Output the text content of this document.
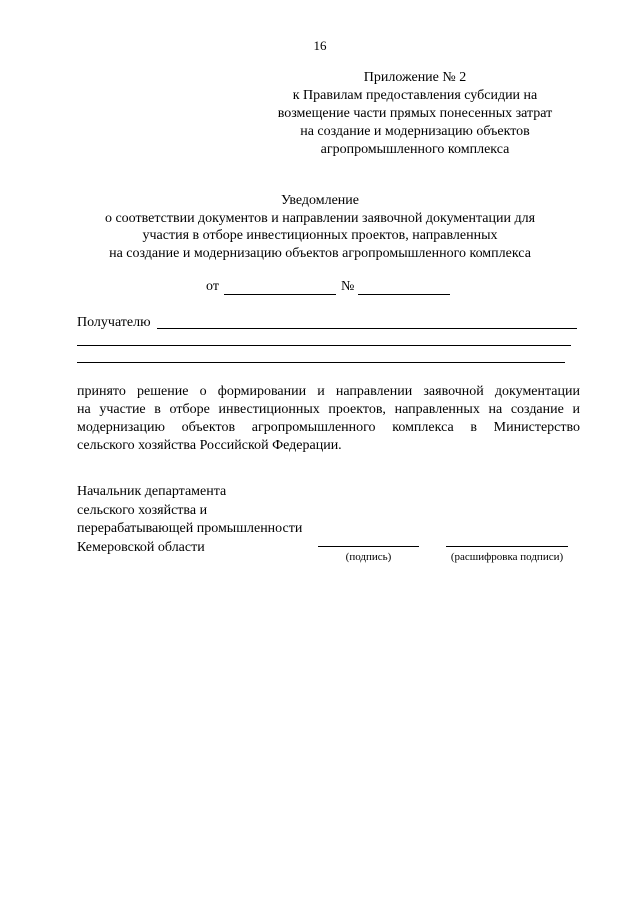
16
Приложение № 2
к Правилам предоставления субсидии на
возмещение части прямых понесенных затрат
на создание и модернизацию объектов
агропромышленного комплекса
Уведомление
о соответствии документов и направлении заявочной документации для
участия в отборе инвестиционных проектов, направленных
на создание и модернизацию объектов агропромышленного комплекса
от	№
Получателю
принято решение о формировании и направлении заявочной документации
на участие в отборе инвестиционных проектов, направленных на создание и
модернизацию объектов агропромышленного комплекса в Министерство
сельского хозяйства Российской Федерации.
Начальник департамента
сельского хозяйства и
перерабатывающей промышленности
Кемеровской области
(подпись)	(расшифровка подписи)
